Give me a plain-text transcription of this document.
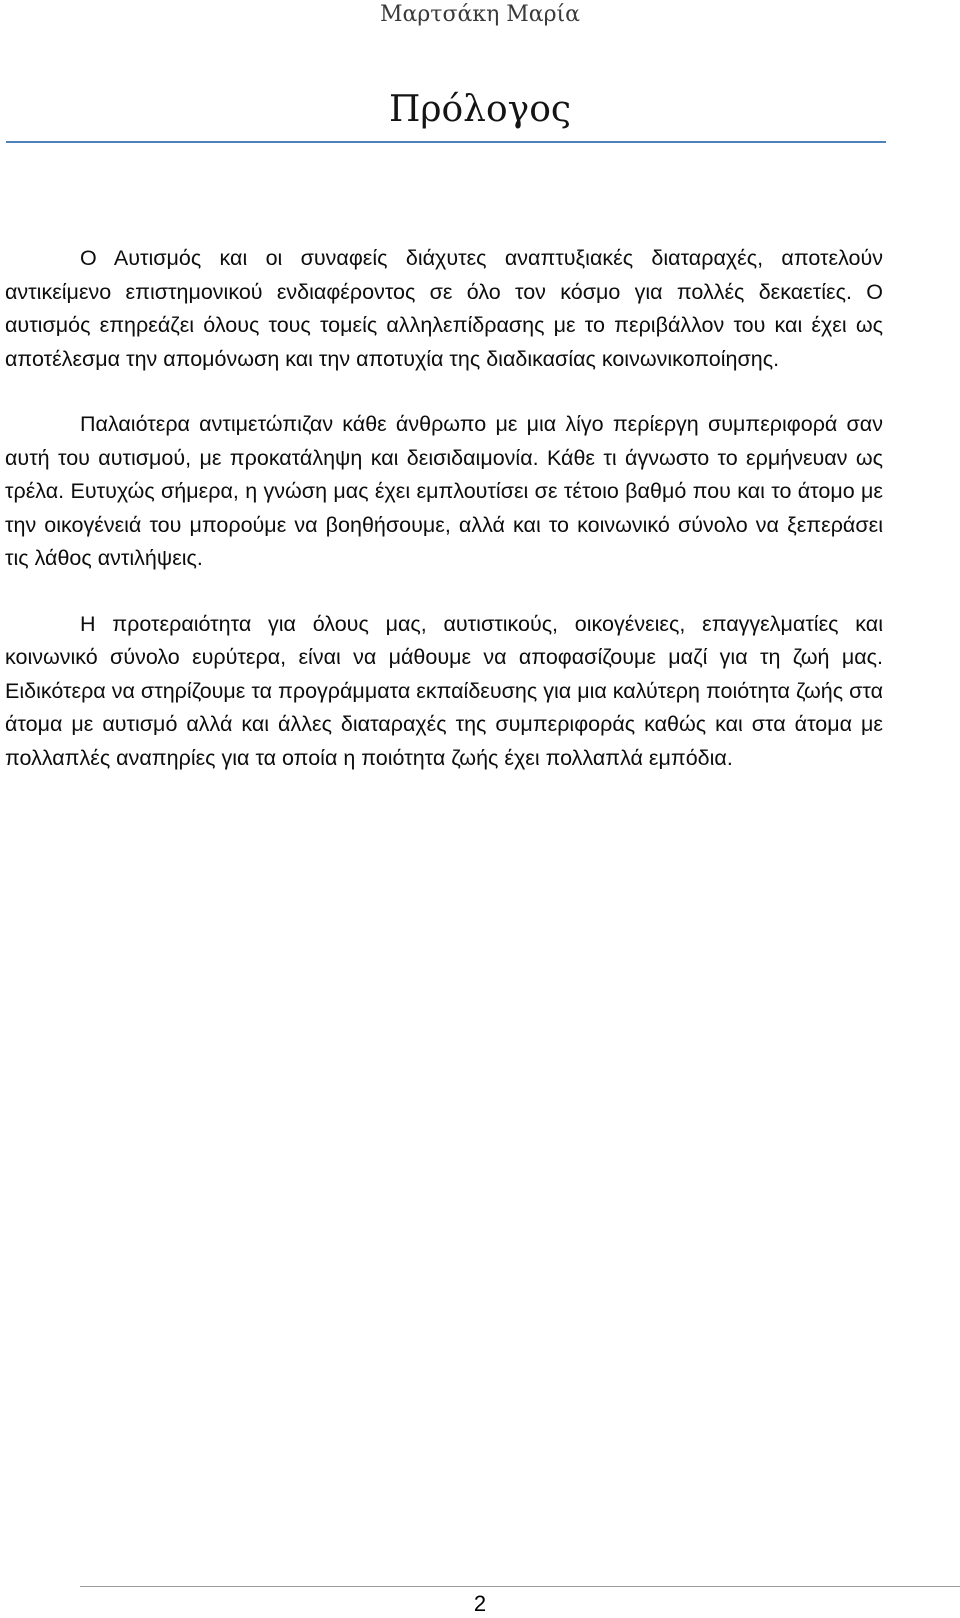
Μαρτσάκη Μαρία
Πρόλογος

Ο Αυτισμός και οι συναφείς διάχυτες αναπτυξιακές διαταραχές, αποτελούν αντικείμενο επιστημονικού ενδιαφέροντος σε όλο τον κόσμο για πολλές δεκαετίες. Ο αυτισμός επηρεάζει όλους τους τομείς αλληλεπίδρασης με το περιβάλλον του και έχει ως αποτέλεσμα την απομόνωση και την αποτυχία της διαδικασίας κοινωνικοποίησης.

Παλαιότερα αντιμετώπιζαν κάθε άνθρωπο με μια λίγο περίεργη συμπεριφορά σαν αυτή του αυτισμού, με προκατάληψη και δεισιδαιμονία. Κάθε τι άγνωστο το ερμήνευαν ως τρέλα. Ευτυχώς σήμερα, η γνώση μας έχει εμπλουτίσει σε τέτοιο βαθμό που και το άτομο με την οικογένειά του μπορούμε να βοηθήσουμε, αλλά και το κοινωνικό σύνολο να ξεπεράσει τις λάθος αντιλήψεις.

Η προτεραιότητα για όλους μας, αυτιστικούς, οικογένειες, επαγγελματίες και κοινωνικό σύνολο ευρύτερα, είναι να μάθουμε να αποφασίζουμε μαζί για τη ζωή μας. Ειδικότερα να στηρίζουμε τα προγράμματα εκπαίδευσης για μια καλύτερη ποιότητα ζωής στα άτομα με αυτισμό αλλά και άλλες διαταραχές της συμπεριφοράς καθώς και στα άτομα με πολλαπλές αναπηρίες για τα οποία η ποιότητα ζωής έχει πολλαπλά εμπόδια.

2
